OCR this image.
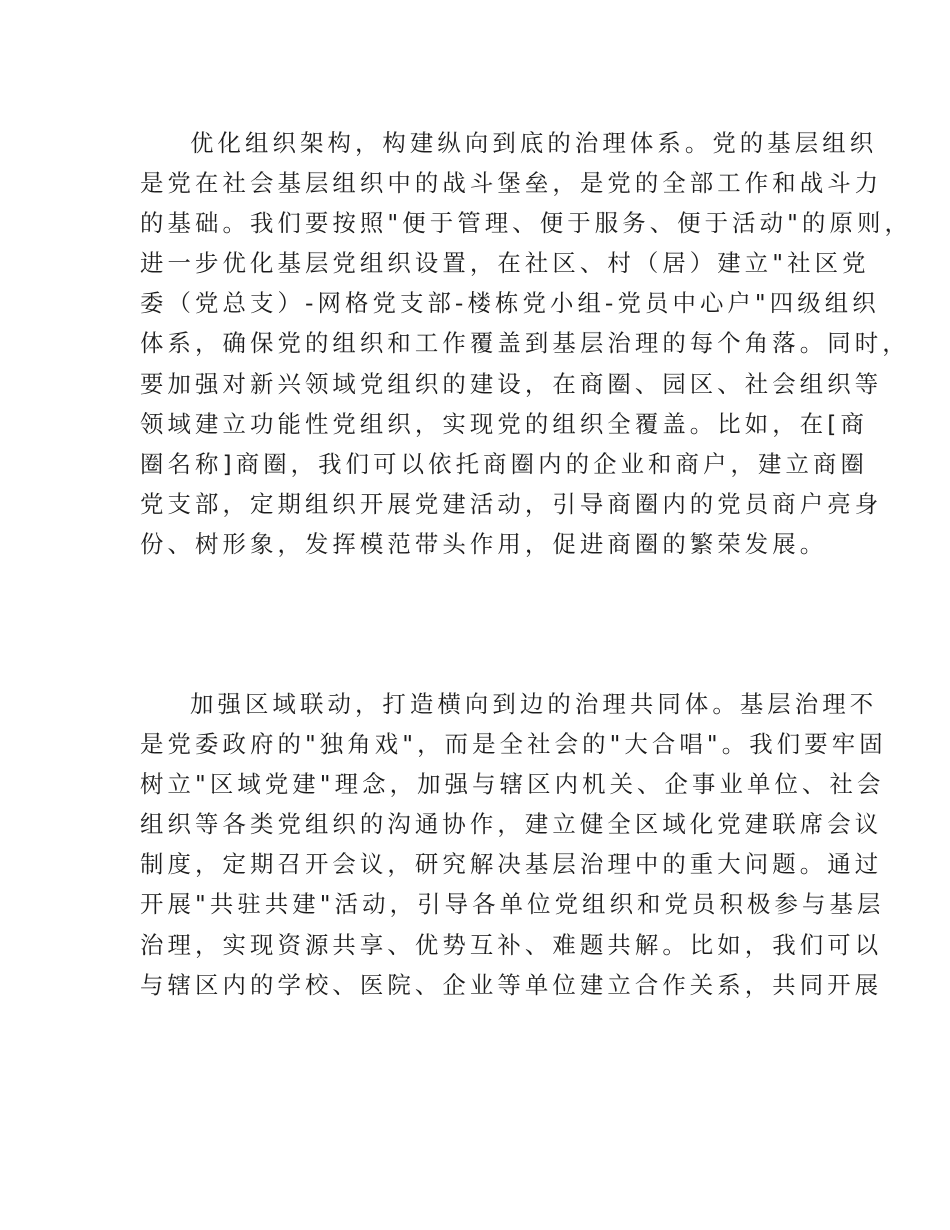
优化组织架构，构建纵向到底的治理体系。党的基层组织
是党在社会基层组织中的战斗堡垒，是党的全部工作和战斗力
的基础。我们要按照"便于管理、便于服务、便于活动"的原则，
进一步优化基层党组织设置，在社区、村（居）建立"社区党
委（党总支）-网格党支部-楼栋党小组-党员中心户"四级组织
体系，确保党的组织和工作覆盖到基层治理的每个角落。同时，
要加强对新兴领域党组织的建设，在商圈、园区、社会组织等
领域建立功能性党组织，实现党的组织全覆盖。比如，在[商
圈名称]商圈，我们可以依托商圈内的企业和商户，建立商圈
党支部，定期组织开展党建活动，引导商圈内的党员商户亮身
份、树形象，发挥模范带头作用，促进商圈的繁荣发展。
加强区域联动，打造横向到边的治理共同体。基层治理不
是党委政府的"独角戏"，而是全社会的"大合唱"。我们要牢固
树立"区域党建"理念，加强与辖区内机关、企事业单位、社会
组织等各类党组织的沟通协作，建立健全区域化党建联席会议
制度，定期召开会议，研究解决基层治理中的重大问题。通过
开展"共驻共建"活动，引导各单位党组织和党员积极参与基层
治理，实现资源共享、优势互补、难题共解。比如，我们可以
与辖区内的学校、医院、企业等单位建立合作关系，共同开展
